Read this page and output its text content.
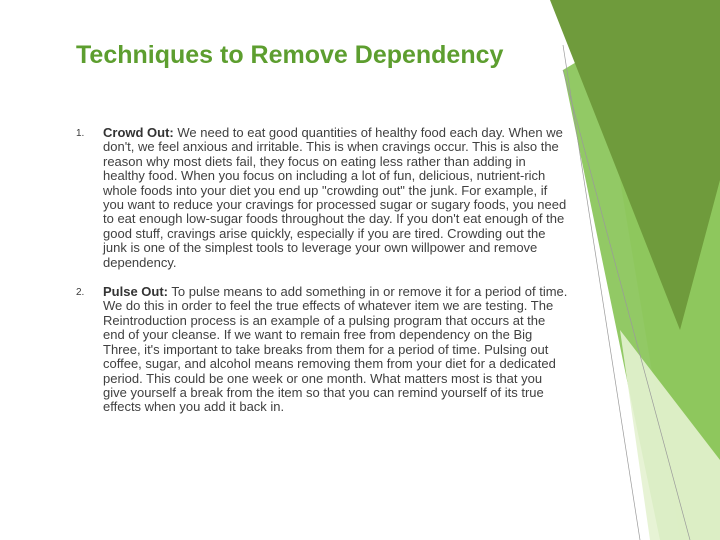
Techniques to Remove Dependency
1.	Crowd Out: We need to eat good quantities of healthy food each day. When we don't, we feel anxious and irritable. This is when cravings occur. This is also the reason why most diets fail, they focus on eating less rather than adding in healthy food. When you focus on including a lot of fun, delicious, nutrient-rich whole foods into your diet you end up "crowding out" the junk. For example, if you want to reduce your cravings for processed sugar or sugary foods, you need to eat enough low-sugar foods throughout the day. If you don't eat enough of the good stuff, cravings arise quickly, especially if you are tired. Crowding out the junk is one of the simplest tools to leverage your own willpower and remove dependency.
2.	Pulse Out: To pulse means to add something in or remove it for a period of time. We do this in order to feel the true effects of whatever item we are testing. The Reintroduction process is an example of a pulsing program that occurs at the end of your cleanse. If we want to remain free from dependency on the Big Three, it's important to take breaks from them for a period of time. Pulsing out coffee, sugar, and alcohol means removing them from your diet for a dedicated period. This could be one week or one month. What matters most is that you give yourself a break from the item so that you can remind yourself of its true effects when you add it back in.
